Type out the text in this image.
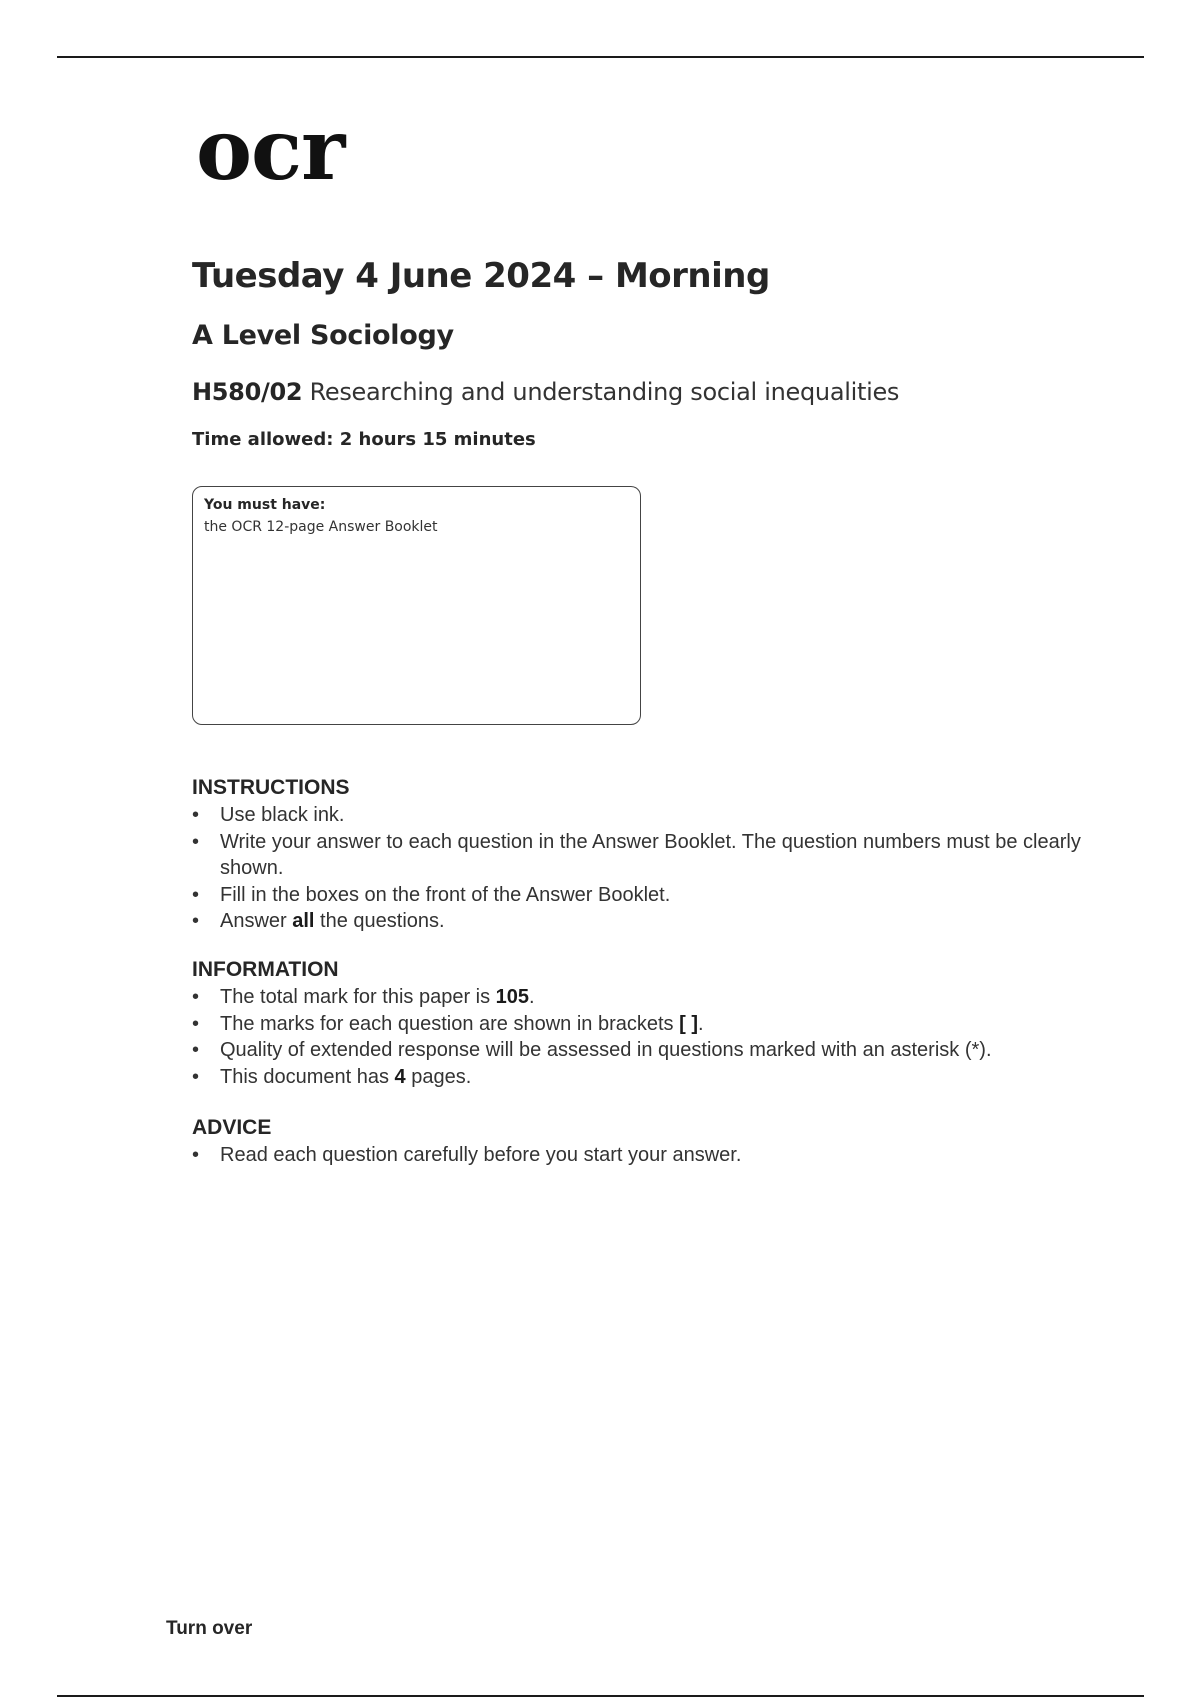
ocr
Tuesday 4 June 2024 – Morning
A Level Sociology
H580/02 Researching and understanding social inequalities
Time allowed: 2 hours 15 minutes
You must have:
the OCR 12-page Answer Booklet
INSTRUCTIONS
• Use black ink.
• Write your answer to each question in the Answer Booklet. The question numbers must be clearly shown.
• Fill in the boxes on the front of the Answer Booklet.
• Answer all the questions.
INFORMATION
• The total mark for this paper is 105.
• The marks for each question are shown in brackets [ ].
• Quality of extended response will be assessed in questions marked with an asterisk (*).
• This document has 4 pages.
ADVICE
• Read each question carefully before you start your answer.
Turn over
